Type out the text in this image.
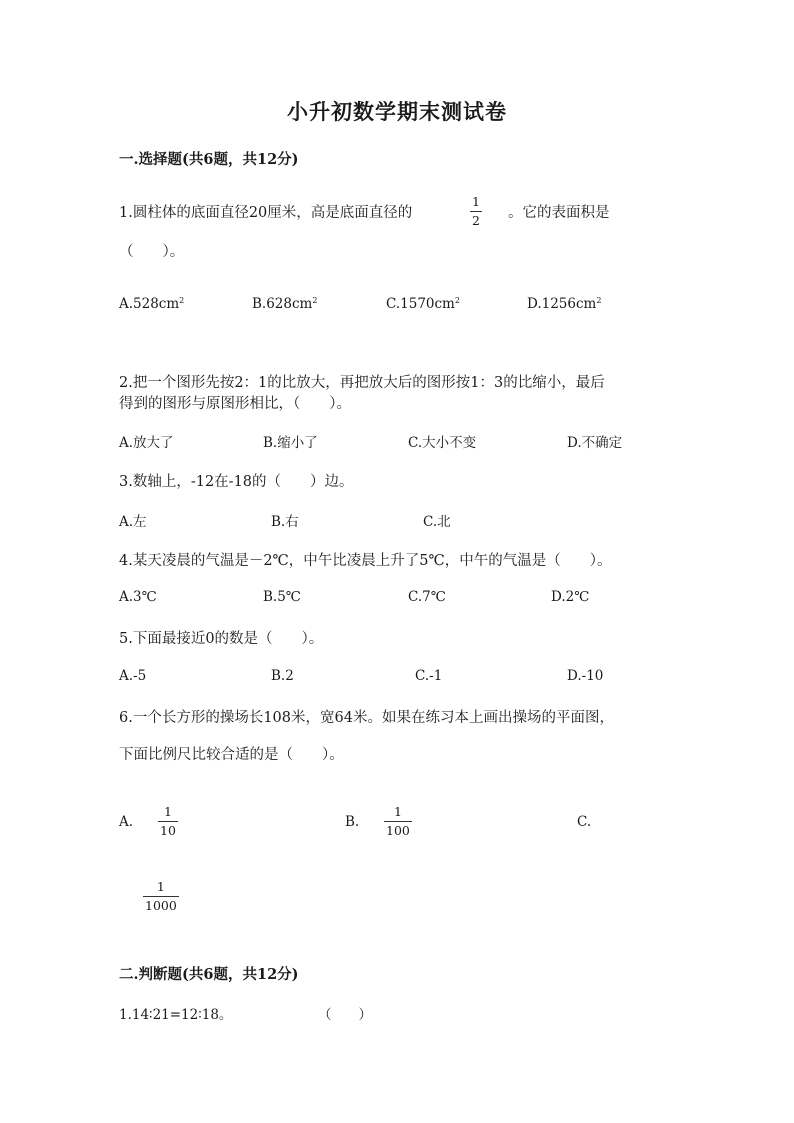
小升初数学期末测试卷
一.选择题(共6题，共12分)
1.圆柱体的底面直径20厘米，高是底面直径的	$\frac{1}{2}$ 。它的表面积是
（　　）。
$A.528cm^2$	$B.628cm^2$	$C.1570cm^2$	$D.1256cm^2$
2.把一个图形先按2：1的比放大，再把放大后的图形按1：3的比缩小，最后
得到的图形与原图形相比，（　　）。
A.放大了	B.缩小了	C.大小不变	D.不确定
3.数轴上，-12在-18的（　　）边。
A.左	B.右	C.北
4.某天凌晨的气温是－2℃，中午比凌晨上升了5℃，中午的气温是（　　）。
A.3℃	B.5℃	C.7℃	D.2℃
5.下面最接近0的数是（　　）。
A.-5	B.2	C.-1	D.-10
6.一个长方形的操场长108米，宽64米。如果在练习本上画出操场的平面图，
下面比例尺比较合适的是（　　）。
A. $\frac{1}{10}$	B. $\frac{1}{100}$	C.
$\frac{1}{1000}$
二.判断题(共6题，共12分)
1.14∶21=12∶18。	（　　）
